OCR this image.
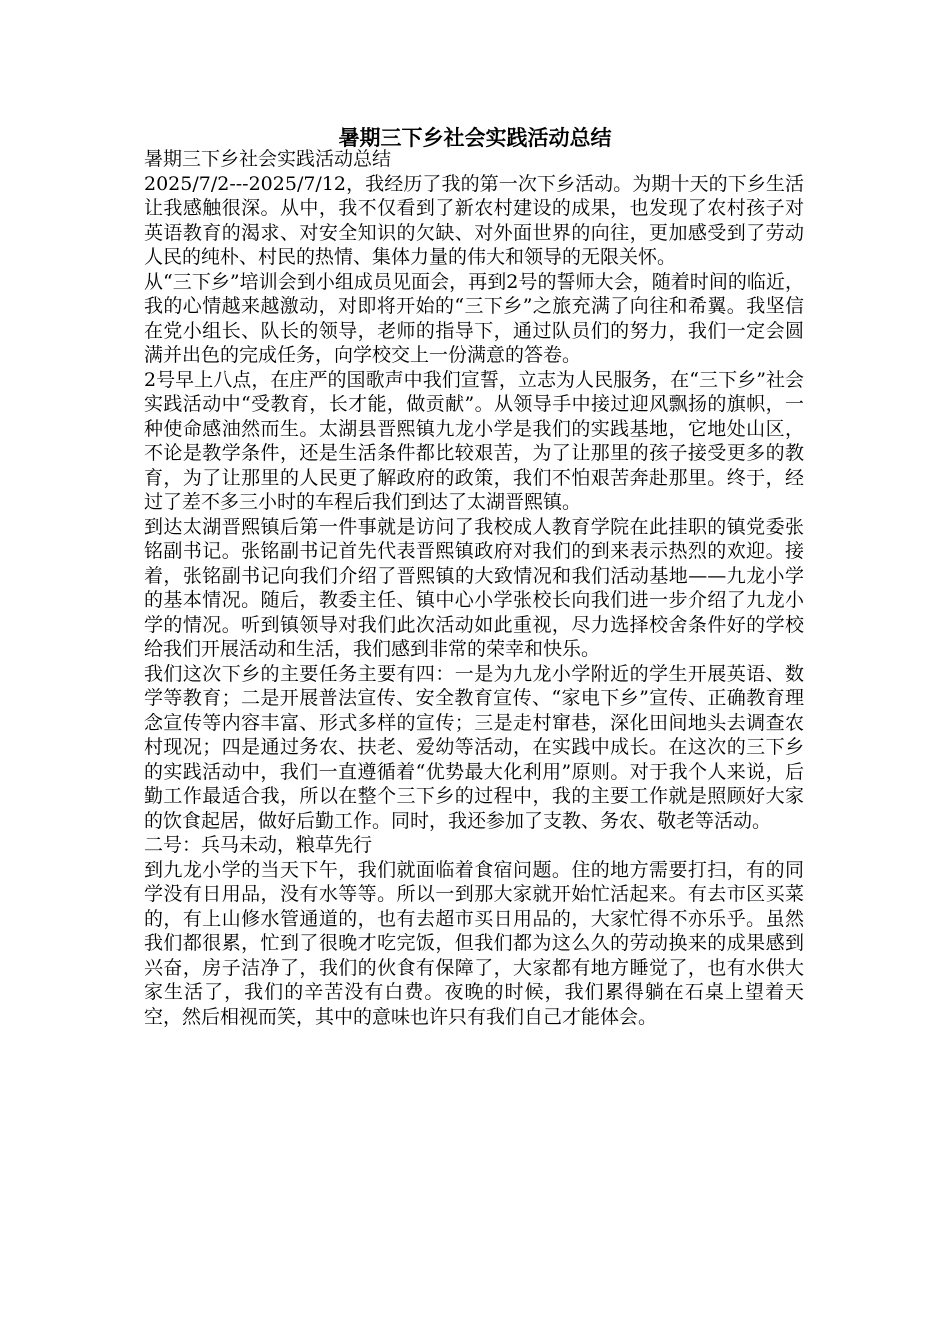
暑期三下乡社会实践活动总结

暑期三下乡社会实践活动总结

2025/7/2---2025/7/12，我经历了我的第一次下乡活动。为期十天的下乡生活让我感触很深。从中，我不仅看到了新农村建设的成果，也发现了农村孩子对英语教育的渴求、对安全知识的欠缺、对外面世界的向往，更加感受到了劳动人民的纯朴、村民的热情、集体力量的伟大和领导的无限关怀。

从“三下乡”培训会到小组成员见面会，再到2号的誓师大会，随着时间的临近，我的心情越来越激动，对即将开始的“三下乡”之旅充满了向往和希翼。我坚信在党小组长、队长的领导，老师的指导下，通过队员们的努力，我们一定会圆满并出色的完成任务，向学校交上一份满意的答卷。

2号早上八点，在庄严的国歌声中我们宣誓，立志为人民服务，在“三下乡”社会实践活动中“受教育，长才能，做贡献”。从领导手中接过迎风飘扬的旗帜，一种使命感油然而生。太湖县晋熙镇九龙小学是我们的实践基地，它地处山区，不论是教学条件，还是生活条件都比较艰苦，为了让那里的孩子接受更多的教育，为了让那里的人民更了解政府的政策，我们不怕艰苦奔赴那里。终于，经过了差不多三小时的车程后我们到达了太湖晋熙镇。

到达太湖晋熙镇后第一件事就是访问了我校成人教育学院在此挂职的镇党委张铭副书记。张铭副书记首先代表晋熙镇政府对我们的到来表示热烈的欢迎。接着，张铭副书记向我们介绍了晋熙镇的大致情况和我们活动基地——九龙小学的基本情况。随后，教委主任、镇中心小学张校长向我们进一步介绍了九龙小学的情况。听到镇领导对我们此次活动如此重视，尽力选择校舍条件好的学校给我们开展活动和生活，我们感到非常的荣幸和快乐。

我们这次下乡的主要任务主要有四：一是为九龙小学附近的学生开展英语、数学等教育；二是开展普法宣传、安全教育宣传、“家电下乡”宣传、正确教育理念宣传等内容丰富、形式多样的宣传；三是走村窜巷，深化田间地头去调查农村现况；四是通过务农、扶老、爱幼等活动，在实践中成长。在这次的三下乡的实践活动中，我们一直遵循着“优势最大化利用”原则。对于我个人来说，后勤工作最适合我，所以在整个三下乡的过程中，我的主要工作就是照顾好大家的饮食起居，做好后勤工作。同时，我还参加了支教、务农、敬老等活动。

二号：兵马未动，粮草先行

到九龙小学的当天下午，我们就面临着食宿问题。住的地方需要打扫，有的同学没有日用品，没有水等等。所以一到那大家就开始忙活起来。有去市区买菜的，有上山修水管通道的，也有去超市买日用品的，大家忙得不亦乐乎。虽然我们都很累，忙到了很晚才吃完饭，但我们都为这么久的劳动换来的成果感到兴奋，房子洁净了，我们的伙食有保障了，大家都有地方睡觉了，也有水供大家生活了，我们的辛苦没有白费。夜晚的时候，我们累得躺在石桌上望着天空，然后相视而笑，其中的意味也许只有我们自己才能体会。
